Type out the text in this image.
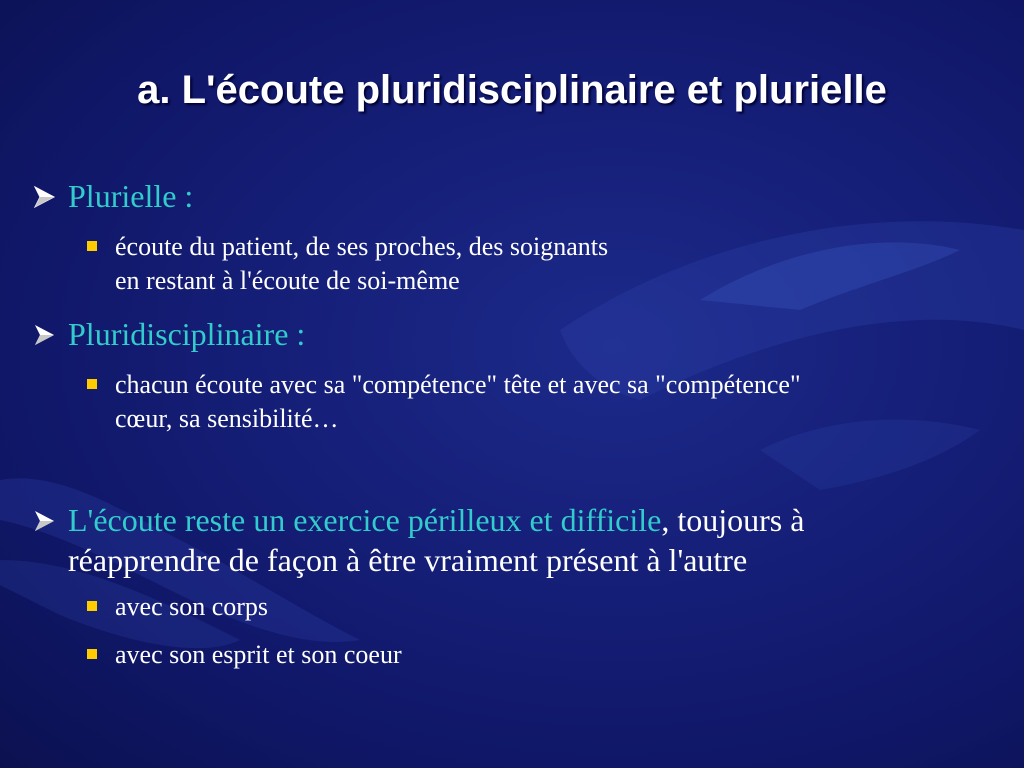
a. L'écoute pluridisciplinaire et plurielle
Plurielle :
écoute du patient, de ses proches, des soignants
en restant à l'écoute de soi-même
Pluridisciplinaire :
chacun écoute avec sa "compétence" tête et avec sa "compétence"
cœur, sa sensibilité…
L'écoute reste un exercice périlleux et difficile, toujours à
réapprendre de façon à être vraiment présent à l'autre
avec son corps
avec son esprit et son coeur
